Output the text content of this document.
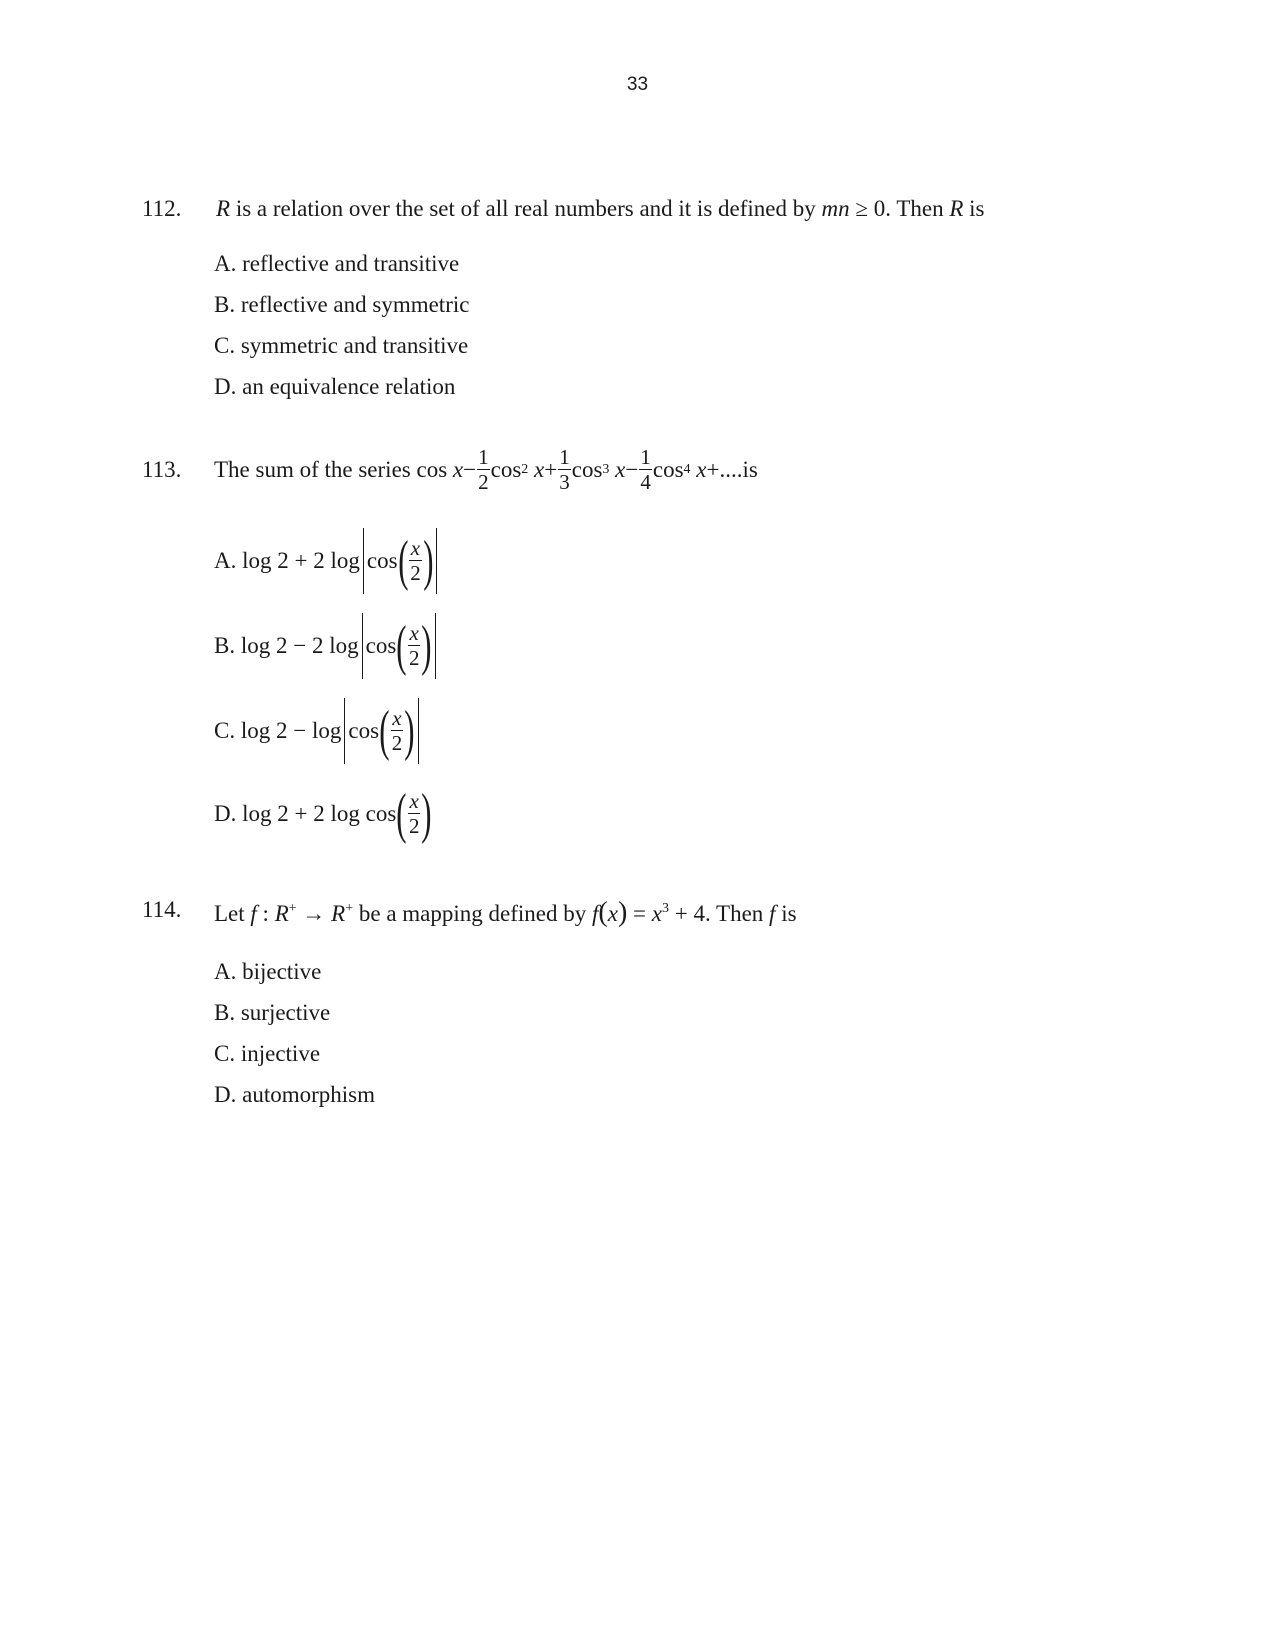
33
112. R is a relation over the set of all real numbers and it is defined by mn ≥ 0. Then R is
A. reflective and transitive
B. reflective and symmetric
C. symmetric and transitive
D. an equivalence relation
113. The sum of the series
cos
$x - \frac{1}{2}$ cos 2
$x + \frac{1}{3}$ cos 3
$x - \frac{1}{4}$ cos 4
x +.... is
A.
log 2 + 2 log cos ( $\frac{x}{2}$ )
B.
log 2 − 2 log cos ( $\frac{x}{2}$ )
C.
log 2 − log cos ( $\frac{x}{2}$ )
D.
log 2 + 2 log cos ( $\frac{x}{2}$ )
114. Let f : R+ → R+ be a mapping defined by $f(x) = x^3 + 4$. Then f is
A. bijective
B. surjective
C. injective
D. automorphism
